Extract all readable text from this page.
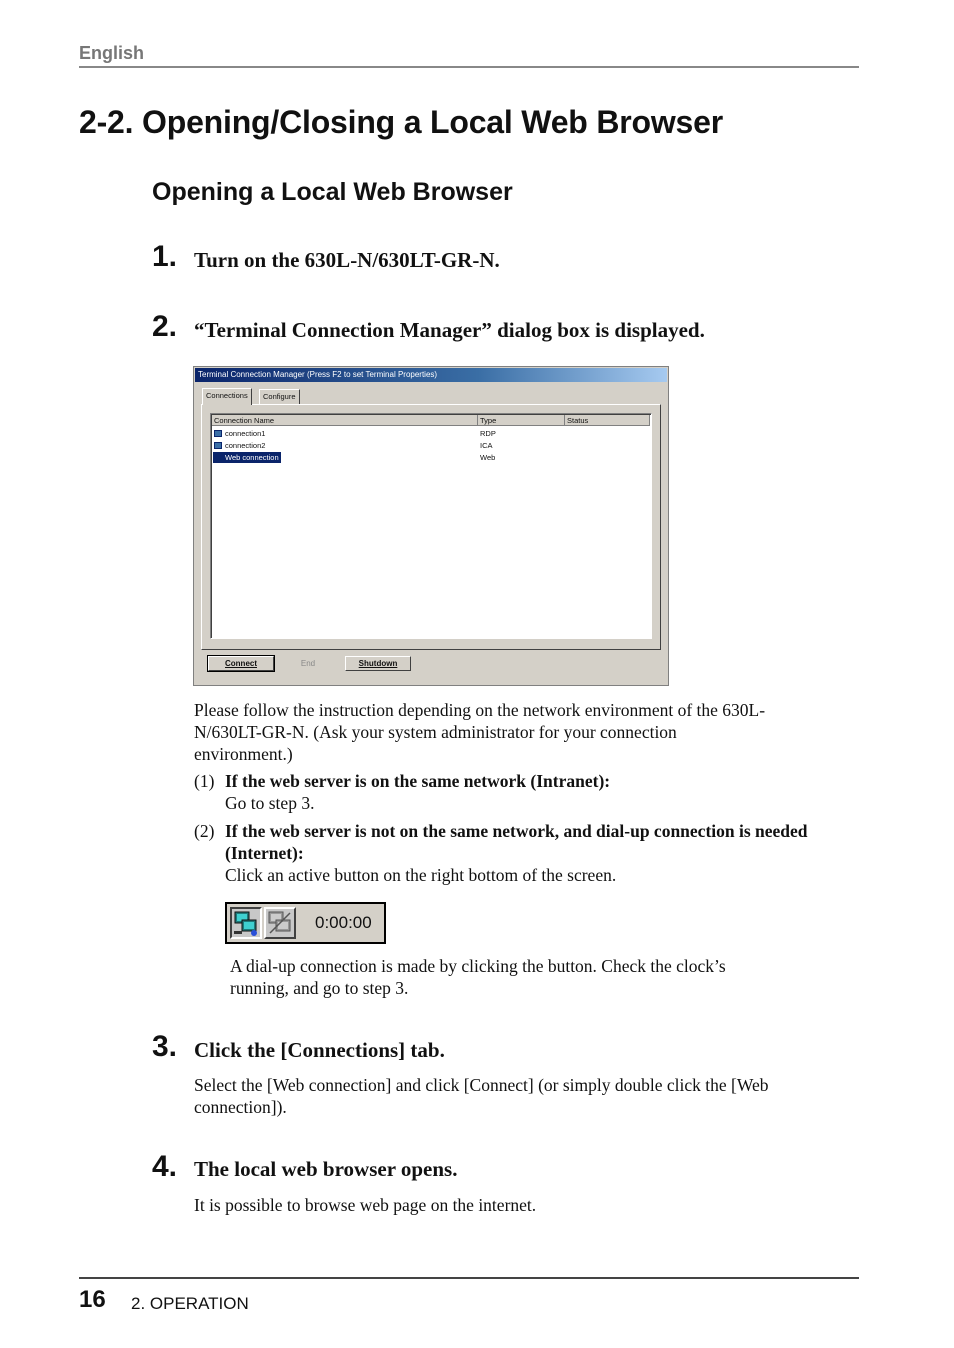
English
2-2. Opening/Closing a Local Web Browser
Opening a Local Web Browser
1. Turn on the 630L-N/630LT-GR-N.
2. “Terminal Connection Manager” dialog box is displayed.
Terminal Connection Manager (Press F2 to set Terminal Properties)
Connections	Configure
Connection Name	Type	Status
connection1	RDP
connection2	ICA
Web connection	Web
Connect	End	Shutdown
Please follow the instruction depending on the network environment of the 630L-
N/630LT-GR-N. (Ask your system administrator for your connection
environment.)
(1) If the web server is on the same network (Intranet):
Go to step 3.
(2) If the web server is not on the same network, and dial-up connection is needed
(Internet):
Click an active button on the right bottom of the screen.
0:00:00
A dial-up connection is made by clicking the button. Check the clock’s
running, and go to step 3.
3. Click the [Connections] tab.
Select the [Web connection] and click [Connect] (or simply double click the [Web
connection]).
4. The local web browser opens.
It is possible to browse web page on the internet.
16 2. OPERATION
